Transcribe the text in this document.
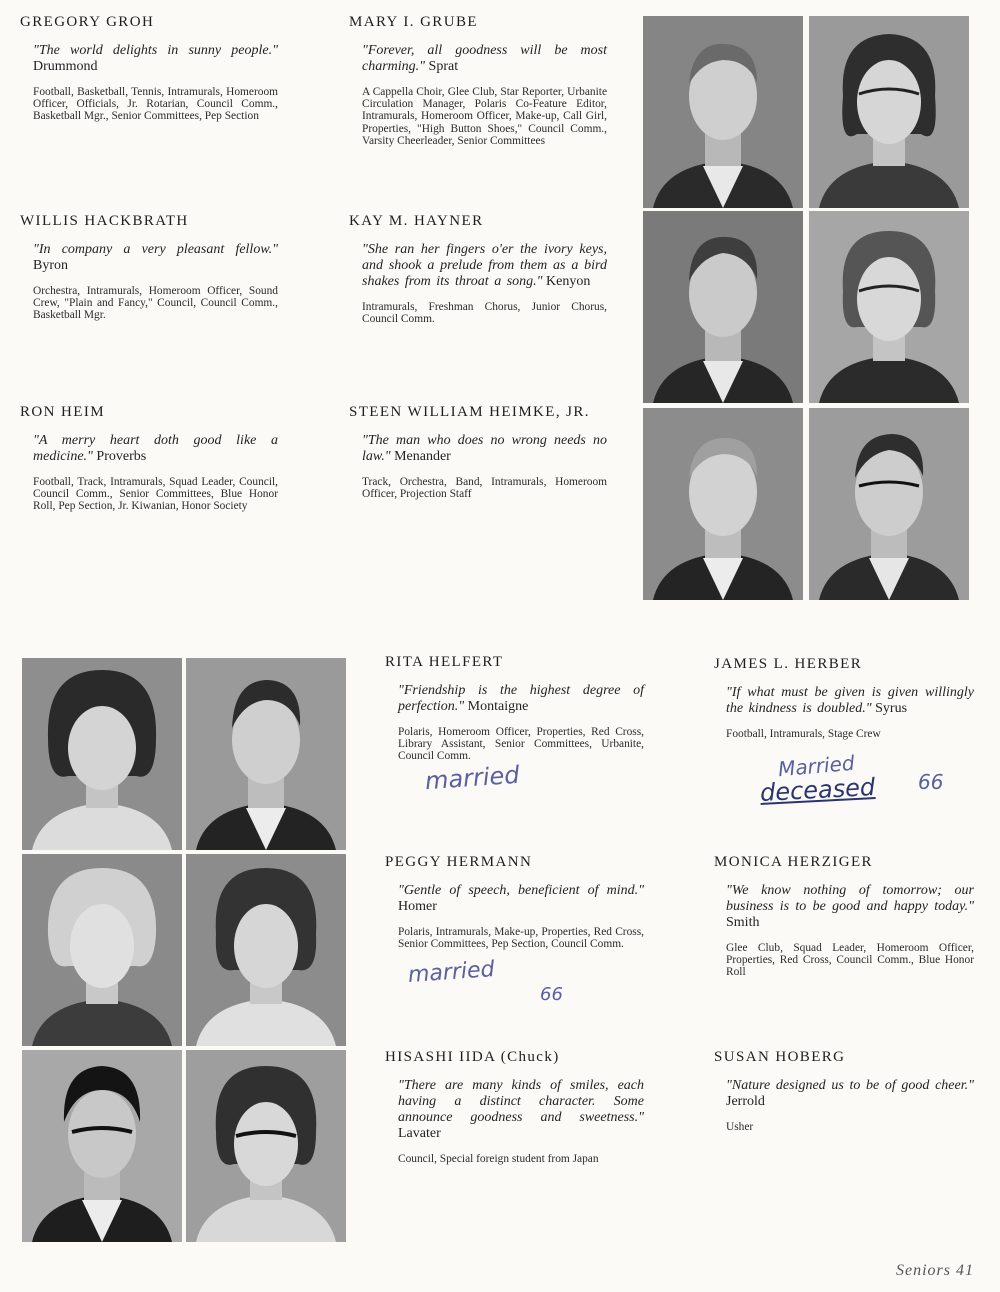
GREGORY GROH
"The world delights in sunny people." Drummond
Football, Basketball, Tennis, Intramurals, Homeroom Officer, Officials, Jr. Rotarian, Council Comm., Basketball Mgr., Senior Committees, Pep Section
MARY I. GRUBE
"Forever, all goodness will be most charming." Sprat
A Cappella Choir, Glee Club, Star Reporter, Urbanite Circulation Manager, Polaris Co-Feature Editor, Intramurals, Homeroom Officer, Make-up, Call Girl, Properties, "High Button Shoes," Council Comm., Varsity Cheerleader, Senior Committees
WILLIS HACKBRATH
"In company a very pleasant fellow." Byron
Orchestra, Intramurals, Homeroom Officer, Sound Crew, "Plain and Fancy," Council, Council Comm., Basketball Mgr.
KAY M. HAYNER
"She ran her fingers o'er the ivory keys, and shook a prelude from them as a bird shakes from its throat a song." Kenyon
Intramurals, Freshman Chorus, Junior Chorus, Council Comm.
RON HEIM
"A merry heart doth good like a medicine." Proverbs
Football, Track, Intramurals, Squad Leader, Council, Council Comm., Senior Committees, Blue Honor Roll, Pep Section, Jr. Kiwanian, Honor Society
STEEN WILLIAM HEIMKE, JR.
"The man who does no wrong needs no law." Menander
Track, Orchestra, Band, Intramurals, Homeroom Officer, Projection Staff
RITA HELFERT
"Friendship is the highest degree of perfection." Montaigne
Polaris, Homeroom Officer, Properties, Red Cross, Library Assistant, Senior Committees, Urbanite, Council Comm.
JAMES L. HERBER
"If what must be given is given willingly the kindness is doubled." Syrus
Football, Intramurals, Stage Crew
PEGGY HERMANN
"Gentle of speech, beneficient of mind." Homer
Polaris, Intramurals, Make-up, Properties, Red Cross, Senior Committees, Pep Section, Council Comm.
MONICA HERZIGER
"We know nothing of tomorrow; our business is to be good and happy today." Smith
Glee Club, Squad Leader, Homeroom Officer, Properties, Red Cross, Council Comm., Blue Honor Roll
HISASHI IIDA (Chuck)
"There are many kinds of smiles, each having a distinct character. Some announce goodness and sweetness." Lavater
Council, Special foreign student from Japan
SUSAN HOBERG
"Nature designed us to be of good cheer." Jerrold
Usher
married	Married
deceased 66
married
66
Seniors 41
